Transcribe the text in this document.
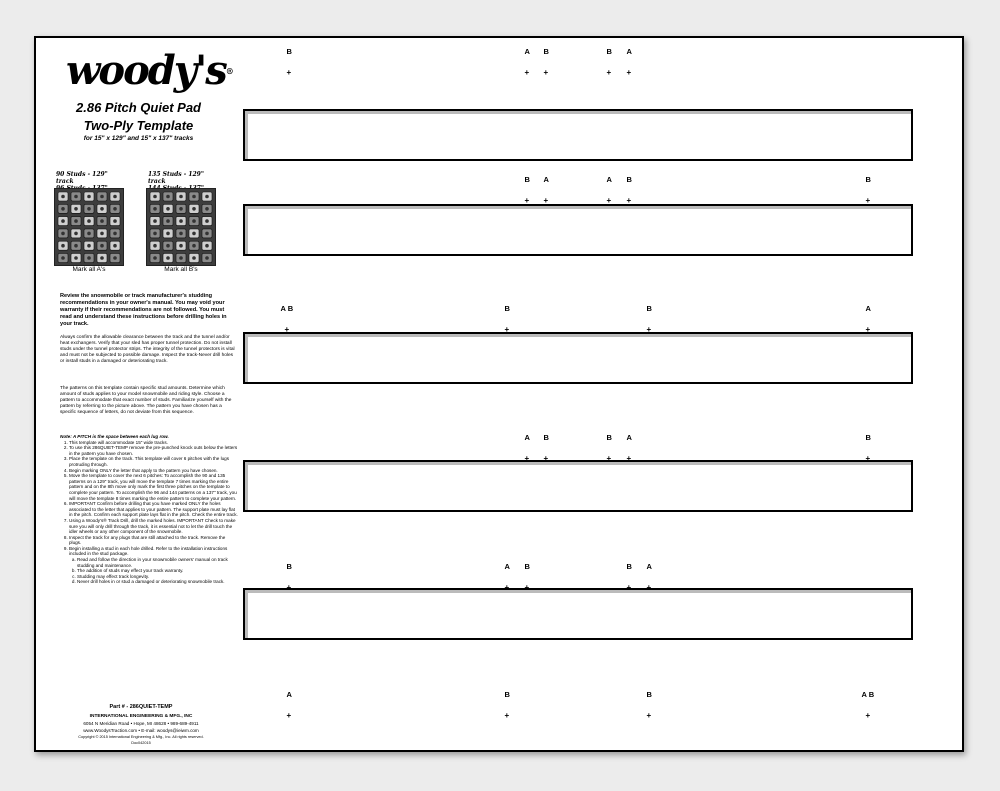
woody's®
2.86 Pitch Quiet Pad
Two-Ply Template
for 15" x 129" and 15" x 137" tracks
90 Studs - 129" track
Mark all A's
135 Studs - 129" track
Mark all B's

Review the snowmobile or track manufacturer's studding recommendations in your owner's manual. You may void your warranty if their recommendations are not followed. You must read and understand these instructions before drilling holes in your track.

Always confirm the allowable clearance between the track and the tunnel and/or heat exchangers. Verify that your sled has proper tunnel protection. Do not install studs under the tunnel protector strips. The integrity of the tunnel protectors is vital and must not be subjected to possible damage. Inspect the track-Never drill holes or install studs in a damaged or deteriorating track.

The patterns on this template contain specific stud amounts. Determine which amount of studs applies to your model snowmobile and riding style. Choose a pattern to accommodate that exact number of studs. Familiarize yourself with the pattern by referring to the picture above. The pattern you have chosen has a specific sequence of letters, do not deviate from this sequence.

Note: A PITCH is the space between each lug row.
1. This template will accommodate 15" wide tracks.
2. To use this 286QUIET-TEMP remove the pre-punched knock outs below the letters in the pattern you have chosen.
3. Place the template on the track. This template will cover 6 pitches with the lugs protruding through.
4. Begin marking ONLY the letter that apply to the pattern you have chosen.
5. Move the template to cover the next 6 pitches: To accomplish the 90 and 135 patterns on a 129" track, you will move the template 7 times marking the entire pattern and on the 8th move only mark the first three pitches on the template to complete your pattern. To accomplish the 96 and 144 patterns on a 137" track, you will move the template 8 times marking the entire pattern to complete your pattern.
6. IMPORTANT Confirm before drilling that you have marked ONLY the holes associated to the letter that applies to your pattern. The support plate must lay flat in the pitch. Confirm each support plate lays flat in the pitch. Check the entire track.
7. Using a Woody's® Track Drill, drill the marked holes. IMPORTANT Check to make sure you will only drill through the track, it is essential not to let the drill touch the idler wheels or any other component of the snowmobile.
8. Inspect the track for any plugs that are still attached to the track. Remove the plugs.
9. Begin installing a stud in each hole drilled. Refer to the installation instructions included in the stud package.
a. Read and follow the direction in your snowmobile owners' manual on track studding and maintenance.
b. The addition of studs may effect your track warranty.
c. Studding may effect track longevity.
d. Never drill holes in or stud a damaged or deteriorating snowmobile track.
Part # - 286QUIET-TEMP
INTERNATIONAL ENGINEERING & MFG., INC
6054 N Meridian Road • Hope, MI 48628 • 989-689-4911
www.WoodysTraction.com • E-mail: woodys@ieiwm.com
Copyright © 2015 International Engineering & Mfg., Inc. All rights reserved.
Doc042015
B
+
A
+
B
+
B
+
A
+
B
+
A
+
A
+
B
+
B
+
A B
+
B
+
B
+
A
+
A
+
B
+
B
+
A
+
B
+
B
+
A
+
B
+
B
+
A
+
A
+
B
+
B
+
A B
+
